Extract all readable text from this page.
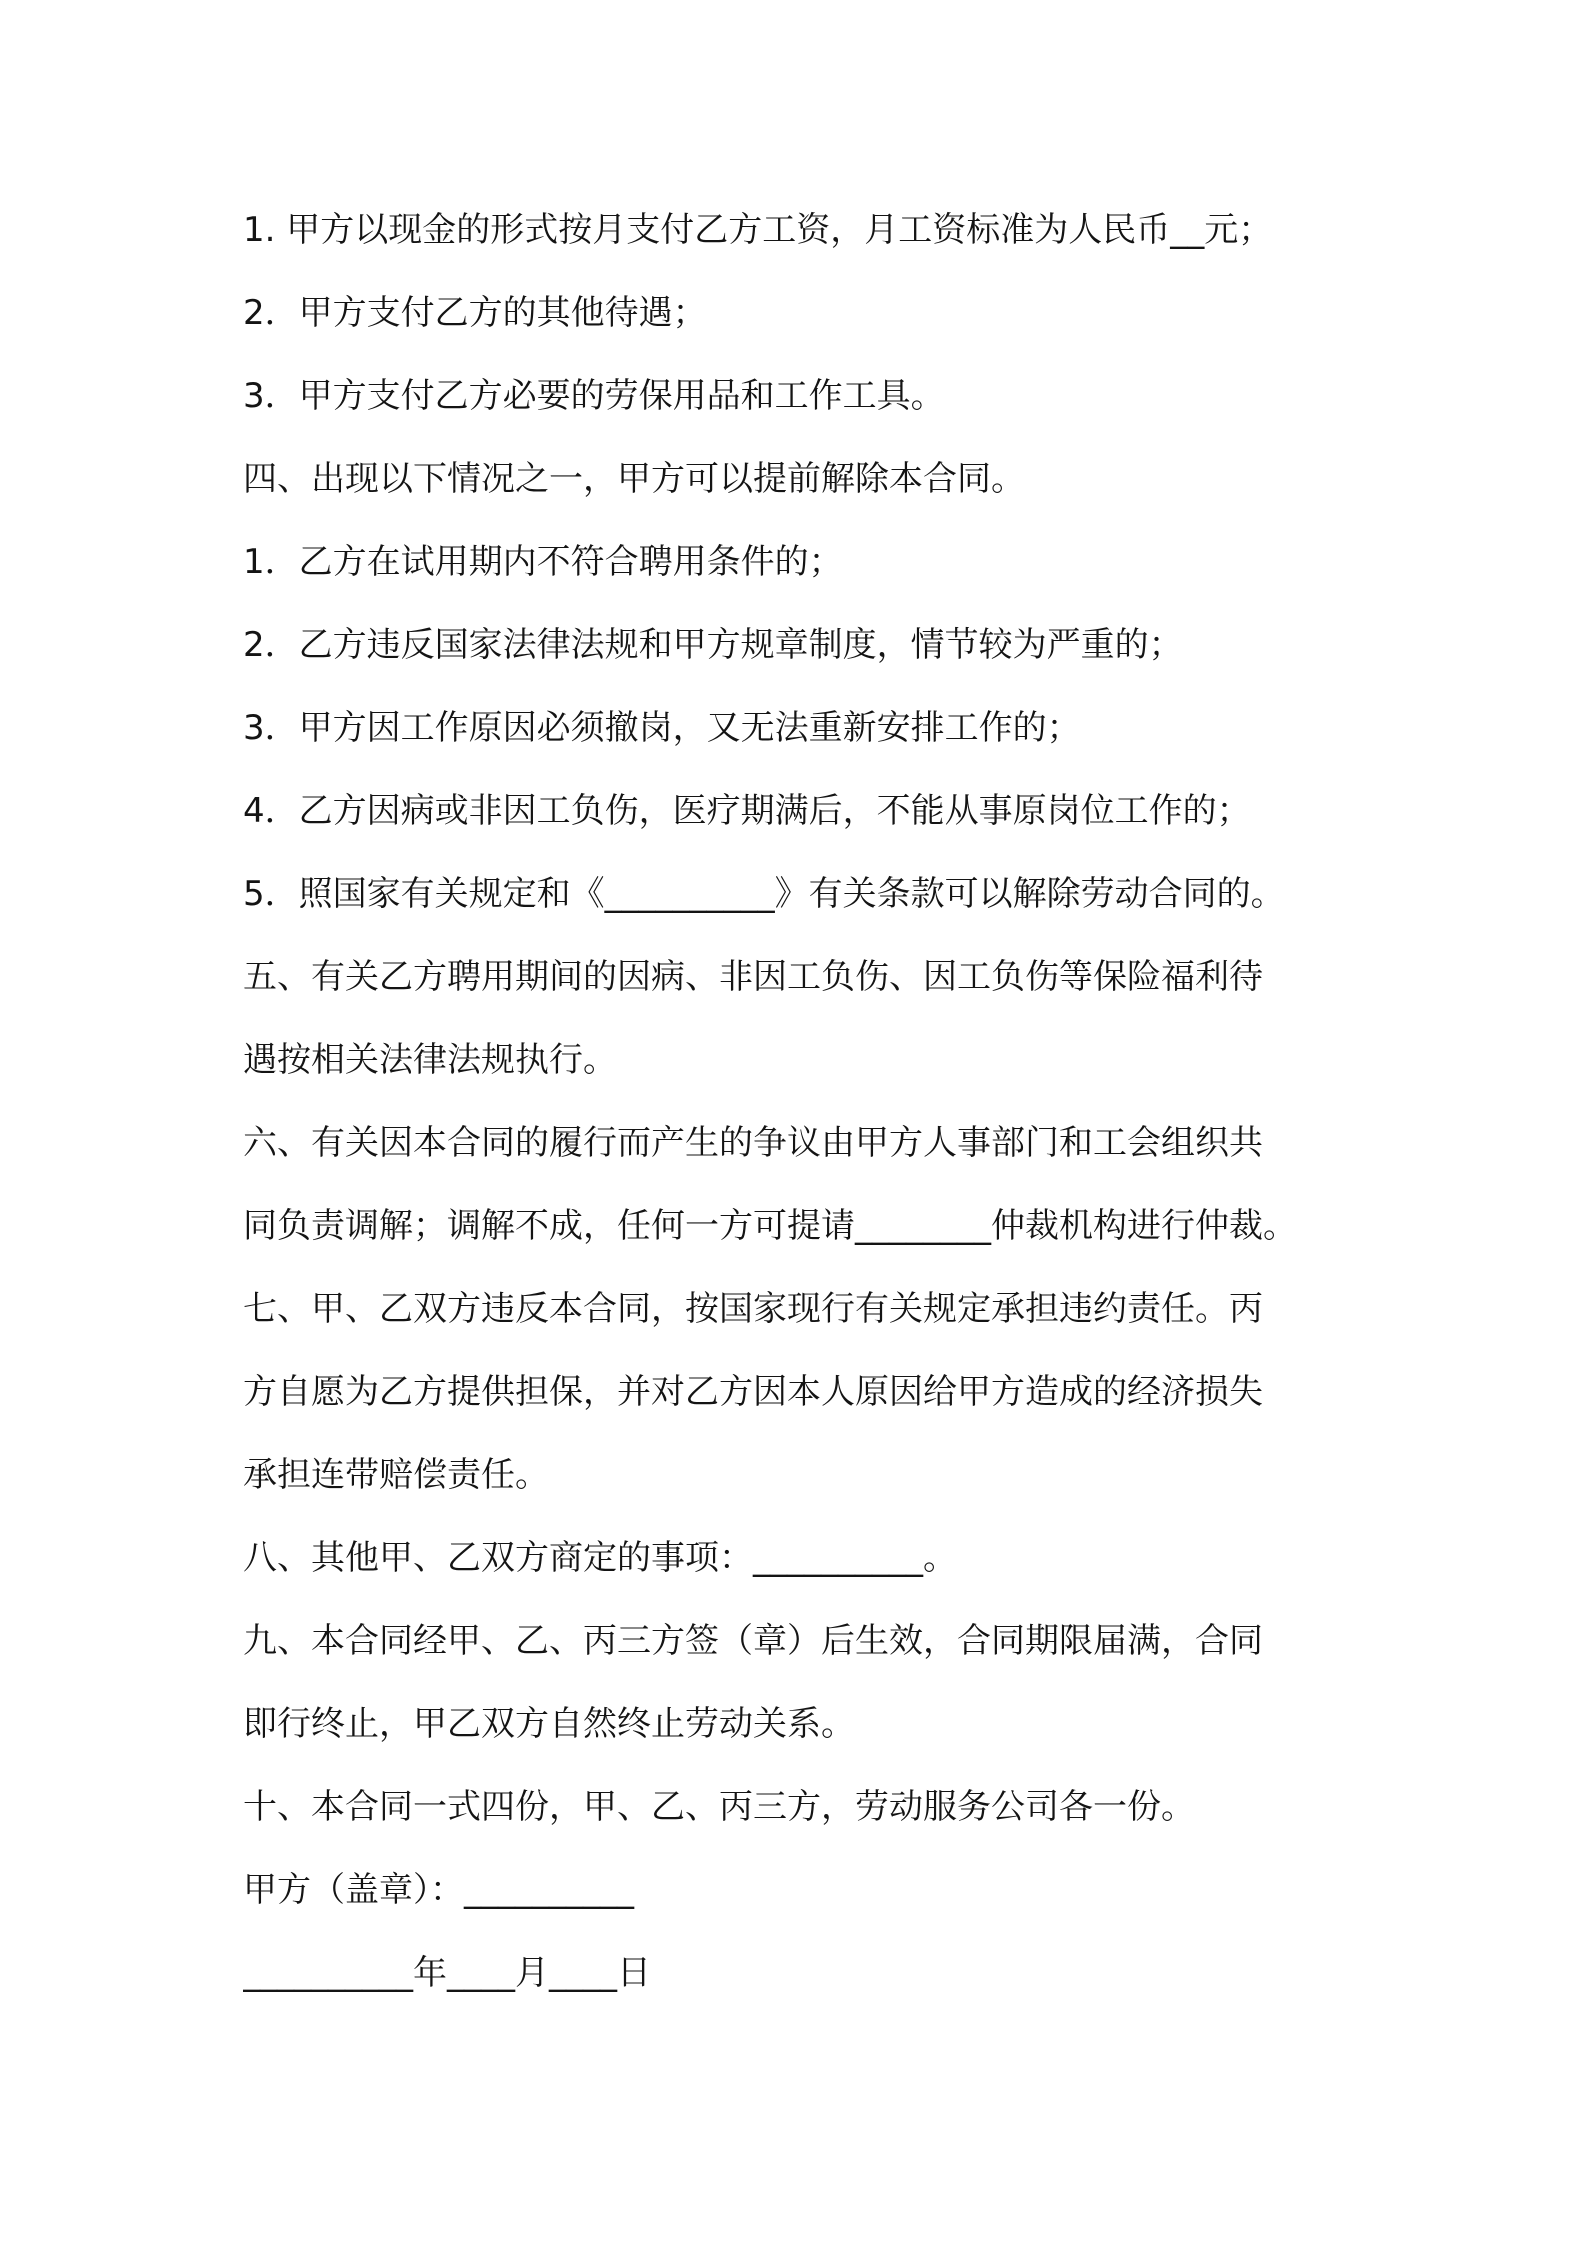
1. 甲方以现金的形式按月支付乙方工资，月工资标准为人民币__元；

2．甲方支付乙方的其他待遇；

3．甲方支付乙方必要的劳保用品和工作工具。

四、出现以下情况之一，甲方可以提前解除本合同。

1．乙方在试用期内不符合聘用条件的；

2．乙方违反国家法律法规和甲方规章制度，情节较为严重的；

3．甲方因工作原因必须撤岗，又无法重新安排工作的；

4．乙方因病或非因工负伤，医疗期满后，不能从事原岗位工作的；

5．照国家有关规定和《__________》有关条款可以解除劳动合同的。

五、有关乙方聘用期间的因病、非因工负伤、因工负伤等保险福利待

遇按相关法律法规执行。

六、有关因本合同的履行而产生的争议由甲方人事部门和工会组织共

同负责调解；调解不成，任何一方可提请________仲裁机构进行仲裁。

七、甲、乙双方违反本合同，按国家现行有关规定承担违约责任。丙

方自愿为乙方提供担保，并对乙方因本人原因给甲方造成的经济损失

承担连带赔偿责任。

八、其他甲、乙双方商定的事项：__________。

九、本合同经甲、乙、丙三方签（章）后生效，合同期限届满，合同

即行终止，甲乙双方自然终止劳动关系。

十、本合同一式四份，甲、乙、丙三方，劳动服务公司各一份。

甲方（盖章）：__________

__________年____月____日
